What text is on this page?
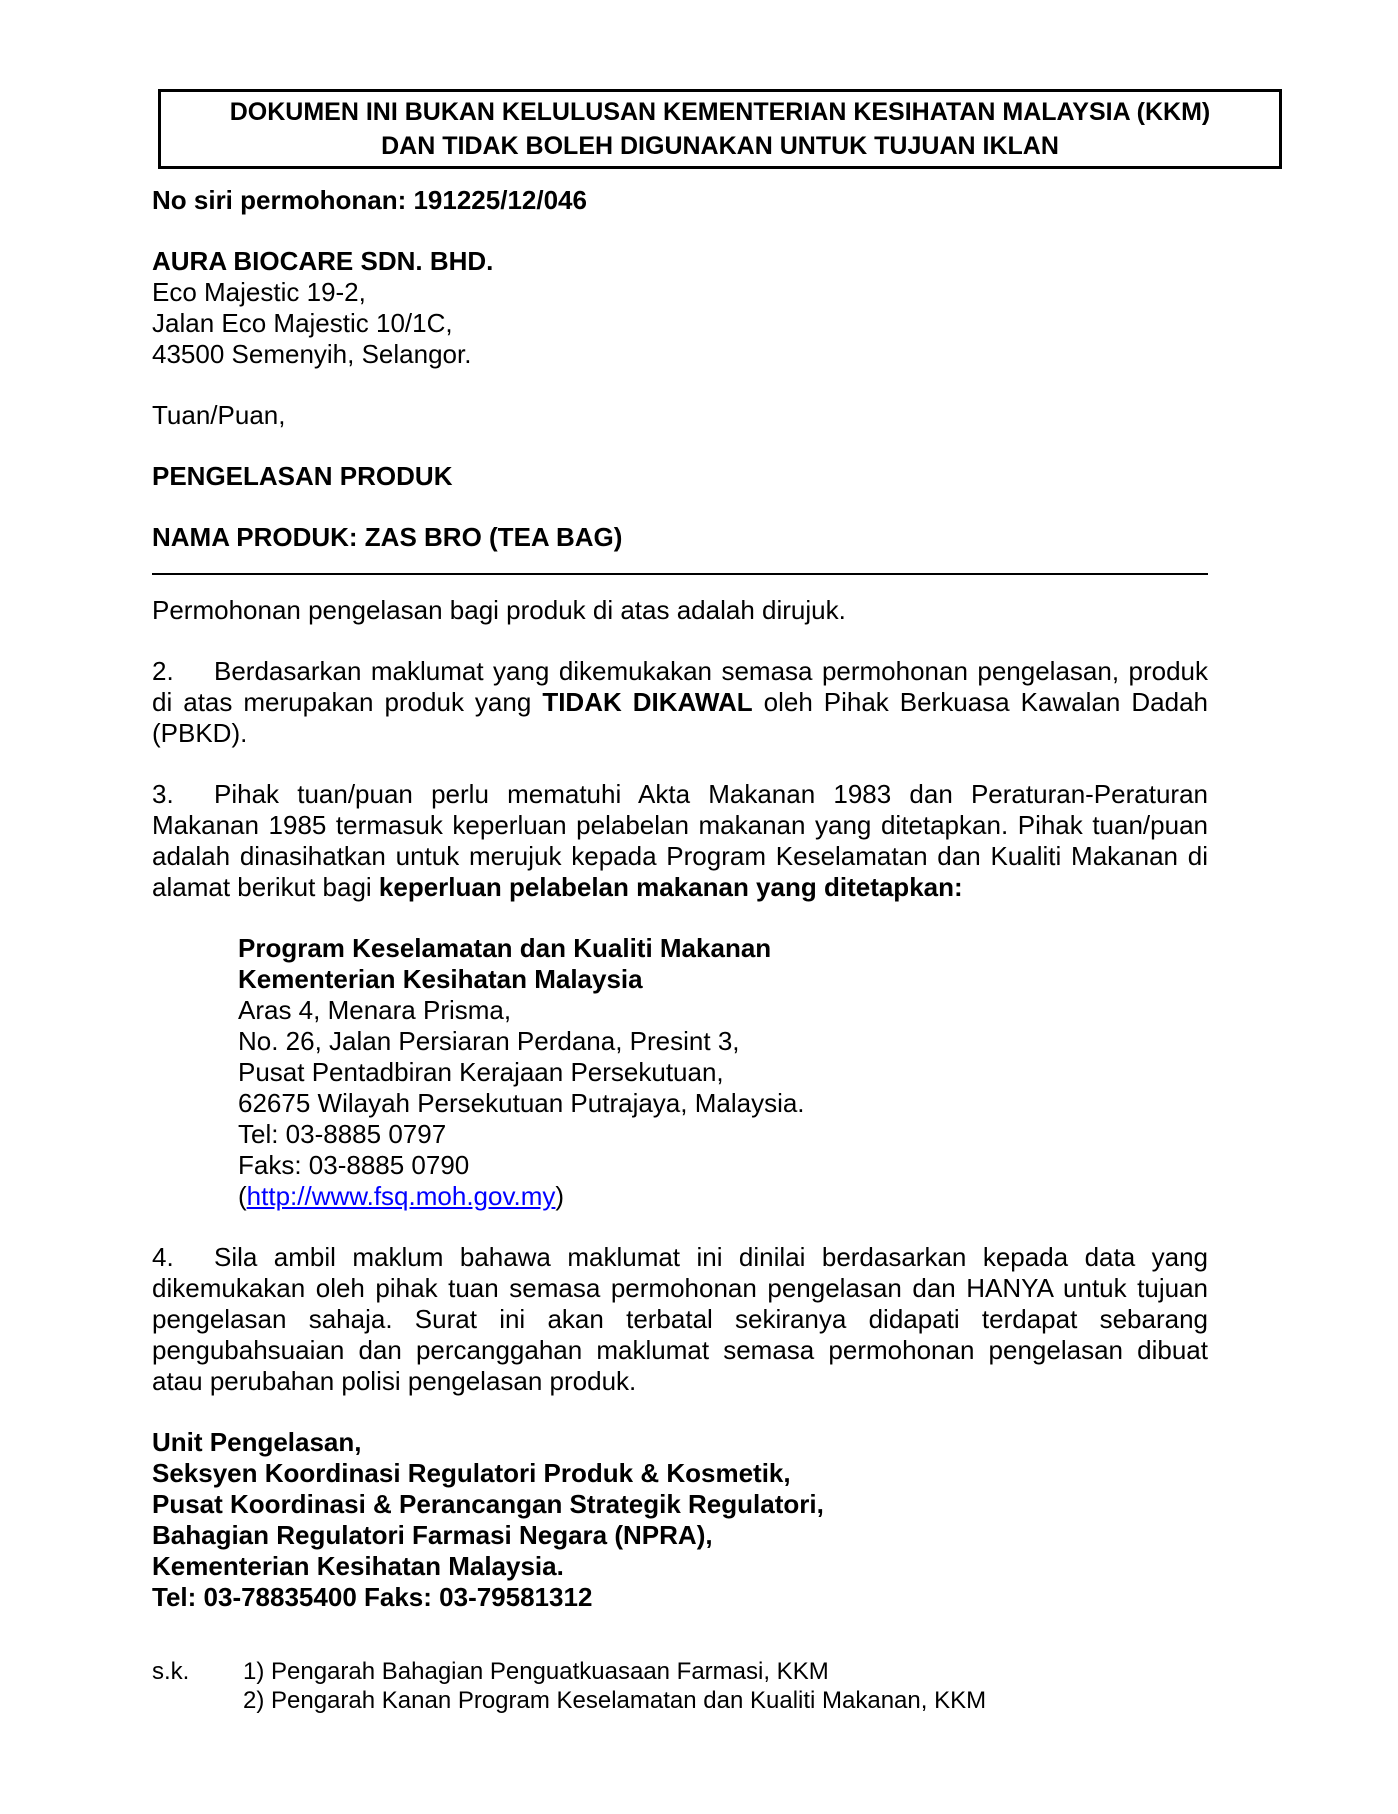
DOKUMEN INI BUKAN KELULUSAN KEMENTERIAN KESIHATAN MALAYSIA (KKM)
DAN TIDAK BOLEH DIGUNAKAN UNTUK TUJUAN IKLAN

No siri permohonan: 191225/12/046

AURA BIOCARE SDN. BHD.
Eco Majestic 19-2,
Jalan Eco Majestic 10/1C,
43500 Semenyih, Selangor.
Tuan/Puan,
PENGELASAN PRODUK
NAMA PRODUK: ZAS BRO (TEA BAG)

Permohonan pengelasan bagi produk di atas adalah dirujuk.

2. Berdasarkan maklumat yang dikemukakan semasa permohonan pengelasan, produk di atas merupakan produk yang TIDAK DIKAWAL oleh Pihak Berkuasa Kawalan Dadah (PBKD).

3. Pihak tuan/puan perlu mematuhi Akta Makanan 1983 dan Peraturan-Peraturan Makanan 1985 termasuk keperluan pelabelan makanan yang ditetapkan. Pihak tuan/puan adalah dinasihatkan untuk merujuk kepada Program Keselamatan dan Kualiti Makanan di alamat berikut bagi keperluan pelabelan makanan yang ditetapkan:

Program Keselamatan dan Kualiti Makanan
Kementerian Kesihatan Malaysia
Aras 4, Menara Prisma,
No. 26, Jalan Persiaran Perdana, Presint 3,
Pusat Pentadbiran Kerajaan Persekutuan,
62675 Wilayah Persekutuan Putrajaya, Malaysia.
Tel: 03-8885 0797
Faks: 03-8885 0790
(http://www.fsq.moh.gov.my)

4. Sila ambil maklum bahawa maklumat ini dinilai berdasarkan kepada data yang dikemukakan oleh pihak tuan semasa permohonan pengelasan dan HANYA untuk tujuan pengelasan sahaja. Surat ini akan terbatal sekiranya didapati terdapat sebarang pengubahsuaian dan percanggahan maklumat semasa permohonan pengelasan dibuat atau perubahan polisi pengelasan produk.

Unit Pengelasan,
Seksyen Koordinasi Regulatori Produk & Kosmetik,
Pusat Koordinasi & Perancangan Strategik Regulatori,
Bahagian Regulatori Farmasi Negara (NPRA),
Kementerian Kesihatan Malaysia.
Tel: 03-78835400 Faks: 03-79581312
s.k.	1) Pengarah Bahagian Penguatkuasaan Farmasi, KKM
2) Pengarah Kanan Program Keselamatan dan Kualiti Makanan, KKM
